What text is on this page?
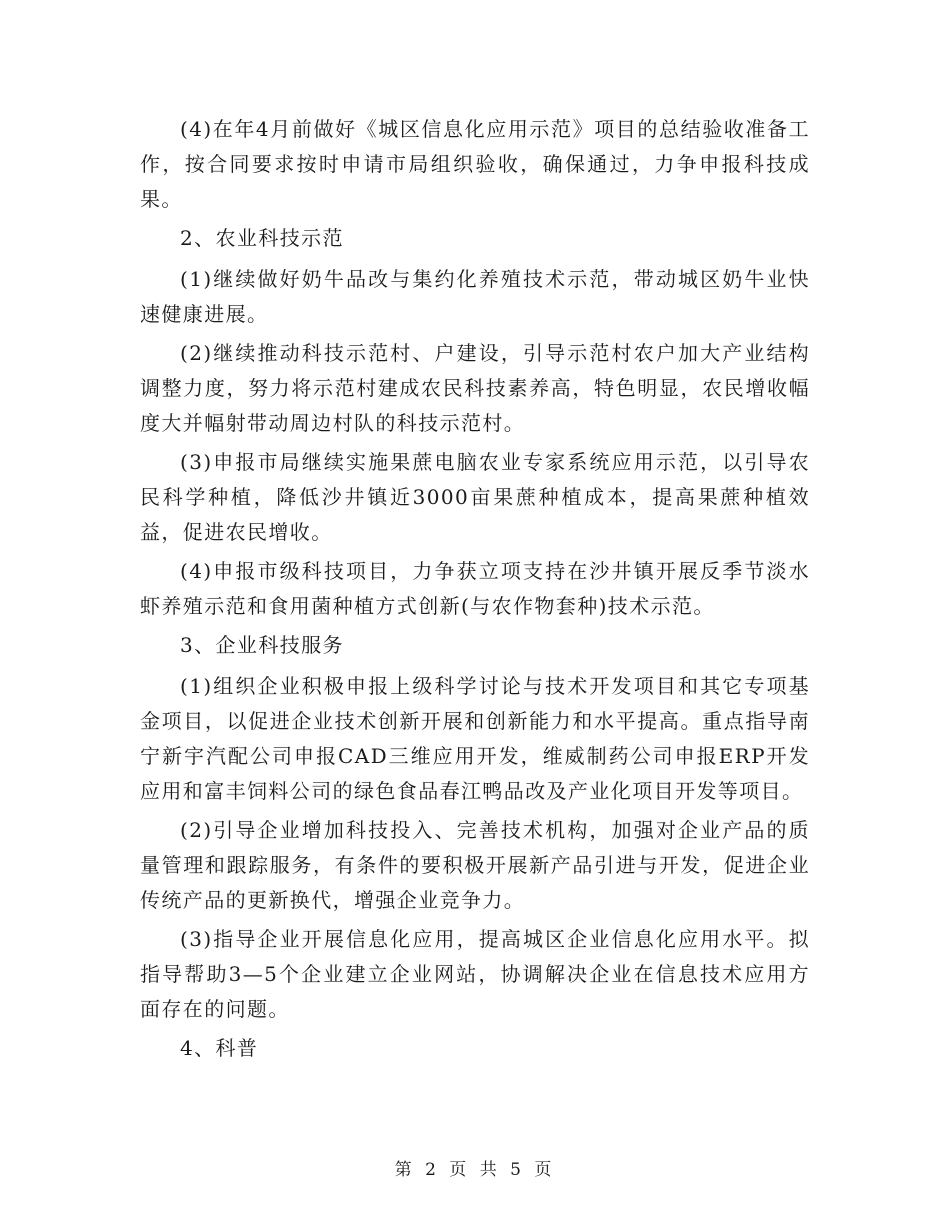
(4)在年4月前做好《城区信息化应用示范》项目的总结验收准备工作，按合同要求按时申请市局组织验收，确保通过，力争申报科技成果。

2、农业科技示范

(1)继续做好奶牛品改与集约化养殖技术示范，带动城区奶牛业快速健康进展。

(2)继续推动科技示范村、户建设，引导示范村农户加大产业结构调整力度，努力将示范村建成农民科技素养高，特色明显，农民增收幅度大并幅射带动周边村队的科技示范村。

(3)申报市局继续实施果蔗电脑农业专家系统应用示范，以引导农民科学种植，降低沙井镇近3000亩果蔗种植成本，提高果蔗种植效益，促进农民增收。

(4)申报市级科技项目，力争获立项支持在沙井镇开展反季节淡水虾养殖示范和食用菌种植方式创新(与农作物套种)技术示范。

3、企业科技服务

(1)组织企业积极申报上级科学讨论与技术开发项目和其它专项基金项目，以促进企业技术创新开展和创新能力和水平提高。重点指导南宁新宇汽配公司申报CAD三维应用开发，维威制药公司申报ERP开发应用和富丰饲料公司的绿色食品春江鸭品改及产业化项目开发等项目。

(2)引导企业增加科技投入、完善技术机构，加强对企业产品的质量管理和跟踪服务，有条件的要积极开展新产品引进与开发，促进企业传统产品的更新换代，增强企业竞争力。

(3)指导企业开展信息化应用，提高城区企业信息化应用水平。拟指导帮助3—5个企业建立企业网站，协调解决企业在信息技术应用方面存在的问题。

4、科普

第 2 页 共 5 页
